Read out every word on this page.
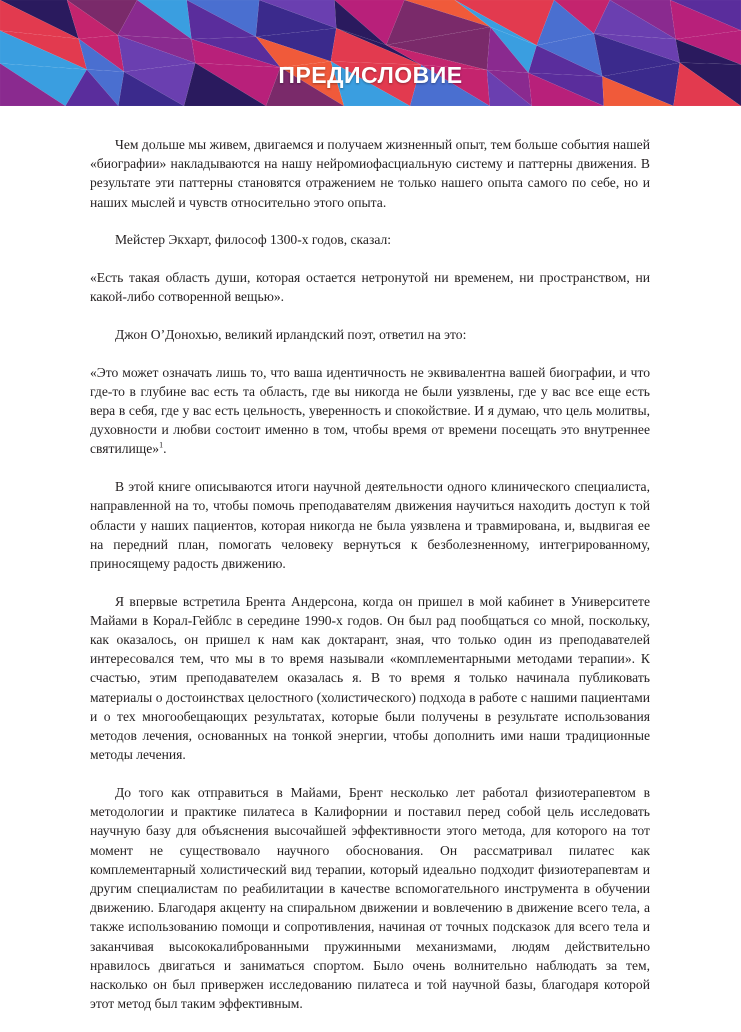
ПРЕДИСЛОВИЕ

Чем дольше мы живем, двигаемся и получаем жизненный опыт, тем больше события нашей «биографии» накладываются на нашу нейромиофасциальную систему и паттерны движения. В результате эти паттерны становятся отражением не только нашего опыта самого по себе, но и наших мыслей и чувств относительно этого опыта.

Мейстер Экхарт, философ 1300-х годов, сказал:

«Есть такая область души, которая остается нетронутой ни временем, ни пространством, ни какой-либо сотворенной вещью».

Джон О’Донохью, великий ирландский поэт, ответил на это:

«Это может означать лишь то, что ваша идентичность не эквивалентна вашей биографии, и что где-то в глубине вас есть та область, где вы никогда не были уязвлены, где у вас все еще есть вера в себя, где у вас есть цельность, уверенность и спокойствие. И я думаю, что цель молитвы, духовности и любви состоит именно в том, чтобы время от времени посещать это внутреннее святилище»$^1$.

В этой книге описываются итоги научной деятельности одного клинического специалиста, направленной на то, чтобы помочь преподавателям движения научиться находить доступ к той области у наших пациентов, которая никогда не была уязвлена и травмирована, и, выдвигая ее на передний план, помогать человеку вернуться к безболезненному, интегрированному, приносящему радость движению.

Я впервые встретила Брента Андерсона, когда он пришел в мой кабинет в Университете Майами в Корал-Гейблс в середине 1990-х годов. Он был рад пообщаться со мной, поскольку, как оказалось, он пришел к нам как доктарант, зная, что только один из преподавателей интересовался тем, что мы в то время называли «комплементарными методами терапии». К счастью, этим преподавателем оказалась я. В то время я только начинала публиковать материалы о достоинствах целостного (холистического) подхода в работе с нашими пациентами и о тех многообещающих результатах, которые были получены в результате использования методов лечения, основанных на тонкой энергии, чтобы дополнить ими наши традиционные методы лечения.

До того как отправиться в Майами, Брент несколько лет работал физиотерапевтом в методологии и практике пилатеса в Калифорнии и поставил перед собой цель исследовать научную базу для объяснения высочайшей эффективности этого метода, для которого на тот момент не существовало научного обоснования. Он рассматривал пилатес как комплементарный холистический вид терапии, который идеально подходит физиотерапевтам и другим специалистам по реабилитации в качестве вспомогательного инструмента в обучении движению. Благодаря акценту на спиральном движении и вовлечению в движение всего тела, а также использованию помощи и сопротивления, начиная от точных подсказок для всего тела и заканчивая высококалиброванными пружинными механизмами, людям действительно нравилось двигаться и заниматься спортом. Было очень волнительно наблюдать за тем, насколько он был привержен исследованию пилатеса и той научной базы, благодаря которой этот метод был таким эффективным.
